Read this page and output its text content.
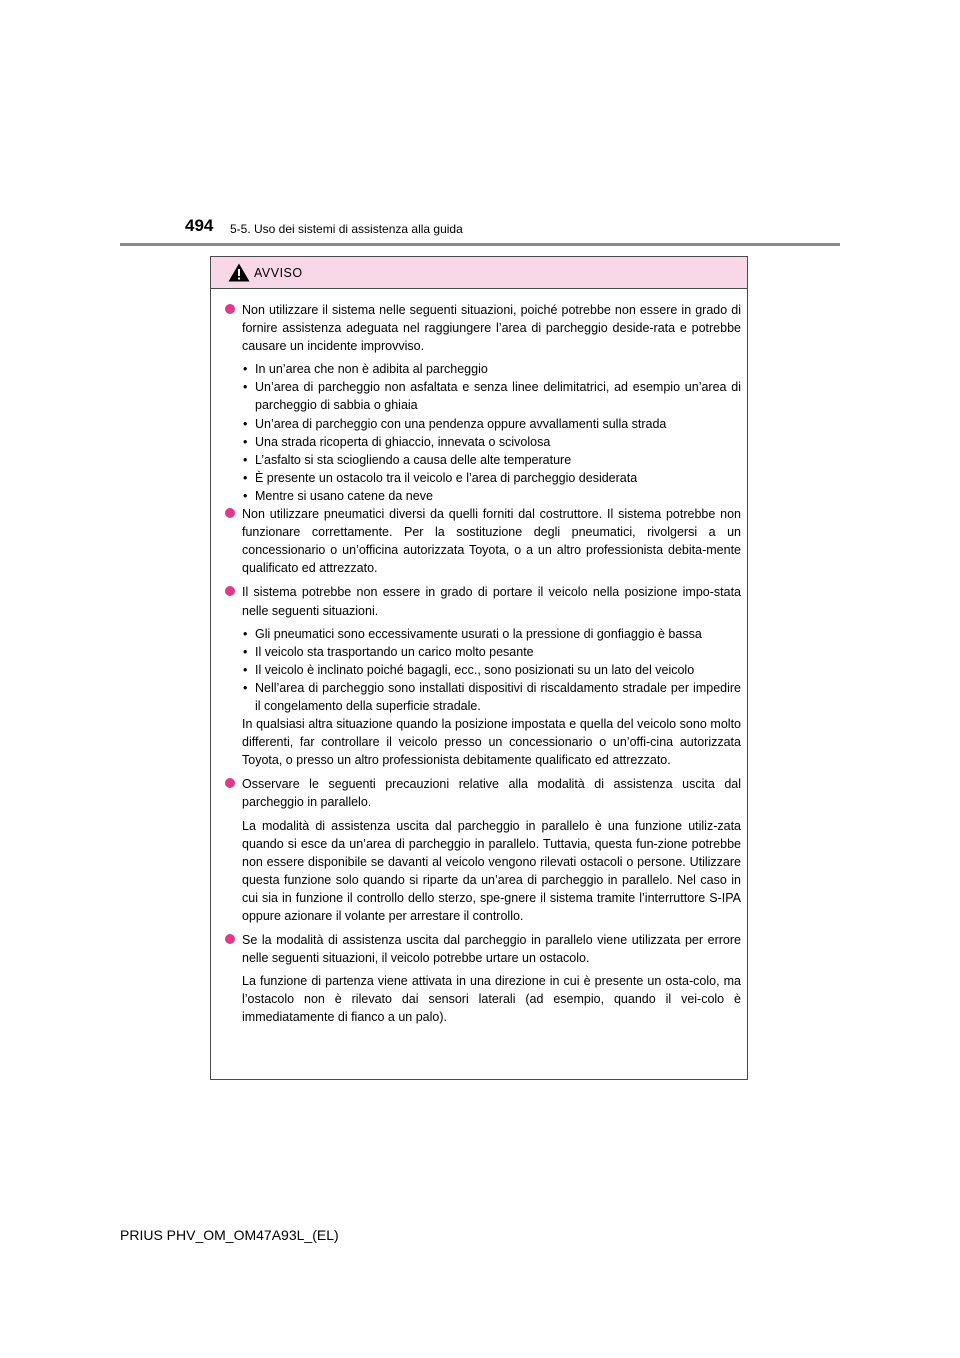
494 5-5. Uso dei sistemi di assistenza alla guida
AVVISO

Non utilizzare il sistema nelle seguenti situazioni, poiché potrebbe non essere in grado di fornire assistenza adeguata nel raggiungere l’area di parcheggio deside-rata e potrebbe causare un incidente improvviso.

• In un’area che non è adibita al parcheggio
• Un’area di parcheggio non asfaltata e senza linee delimitatrici, ad esempio un’area di parcheggio di sabbia o ghiaia
• Un’area di parcheggio con una pendenza oppure avvallamenti sulla strada
• Una strada ricoperta di ghiaccio, innevata o scivolosa
• L’asfalto si sta sciogliendo a causa delle alte temperature
• È presente un ostacolo tra il veicolo e l’area di parcheggio desiderata
• Mentre si usano catene da neve

Non utilizzare pneumatici diversi da quelli forniti dal costruttore. Il sistema potrebbe non funzionare correttamente. Per la sostituzione degli pneumatici, rivolgersi a un concessionario o un’officina autorizzata Toyota, o a un altro professionista debita-mente qualificato ed attrezzato.

Il sistema potrebbe non essere in grado di portare il veicolo nella posizione impo-stata nelle seguenti situazioni.

• Gli pneumatici sono eccessivamente usurati o la pressione di gonfiaggio è bassa
• Il veicolo sta trasportando un carico molto pesante
• Il veicolo è inclinato poiché bagagli, ecc., sono posizionati su un lato del veicolo
• Nell’area di parcheggio sono installati dispositivi di riscaldamento stradale per impedire il congelamento della superficie stradale.

In qualsiasi altra situazione quando la posizione impostata e quella del veicolo sono molto differenti, far controllare il veicolo presso un concessionario o un’offi-cina autorizzata Toyota, o presso un altro professionista debitamente qualificato ed attrezzato.

Osservare le seguenti precauzioni relative alla modalità di assistenza uscita dal parcheggio in parallelo.

La modalità di assistenza uscita dal parcheggio in parallelo è una funzione utiliz-zata quando si esce da un’area di parcheggio in parallelo. Tuttavia, questa fun-zione potrebbe non essere disponibile se davanti al veicolo vengono rilevati ostacoli o persone. Utilizzare questa funzione solo quando si riparte da un’area di parcheggio in parallelo. Nel caso in cui sia in funzione il controllo dello sterzo, spe-gnere il sistema tramite l’interruttore S-IPA oppure azionare il volante per arrestare il controllo.

Se la modalità di assistenza uscita dal parcheggio in parallelo viene utilizzata per errore nelle seguenti situazioni, il veicolo potrebbe urtare un ostacolo.

La funzione di partenza viene attivata in una direzione in cui è presente un osta-colo, ma l’ostacolo non è rilevato dai sensori laterali (ad esempio, quando il vei-colo è immediatamente di fianco a un palo).

PRIUS PHV_OM_OM47A93L_(EL)
